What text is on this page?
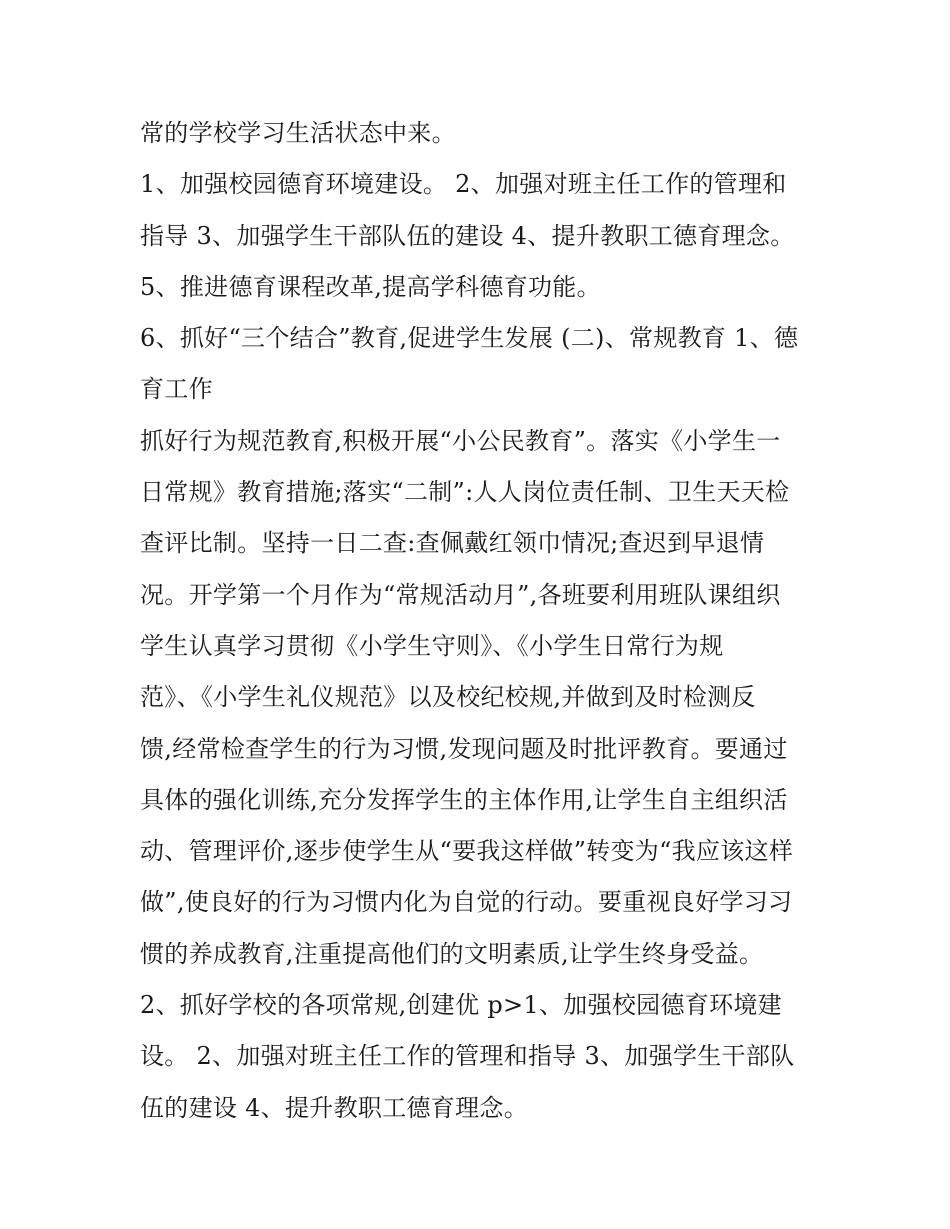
常的学校学习生活状态中来。
1、加强校园德育环境建设。 2、加强对班主任工作的管理和
指导 3、加强学生干部队伍的建设 4、提升教职工德育理念。
5、推进德育课程改革,提高学科德育功能。
6、抓好“三个结合”教育,促进学生发展 (二)、常规教育 1、德
育工作
抓好行为规范教育,积极开展“小公民教育”。落实《小学生一
日常规》教育措施;落实“二制”:人人岗位责任制、卫生天天检
查评比制。坚持一日二查:查佩戴红领巾情况;查迟到早退情
况。开学第一个月作为“常规活动月”,各班要利用班队课组织
学生认真学习贯彻《小学生守则》、《小学生日常行为规
范》、《小学生礼仪规范》以及校纪校规,并做到及时检测反
馈,经常检查学生的行为习惯,发现问题及时批评教育。要通过
具体的强化训练,充分发挥学生的主体作用,让学生自主组织活
动、管理评价,逐步使学生从“要我这样做”转变为“我应该这样
做”,使良好的行为习惯内化为自觉的行动。要重视良好学习习
惯的养成教育,注重提高他们的文明素质,让学生终身受益。
2、抓好学校的各项常规,创建优 p>1、加强校园德育环境建
设。 2、加强对班主任工作的管理和指导 3、加强学生干部队
伍的建设 4、提升教职工德育理念。
